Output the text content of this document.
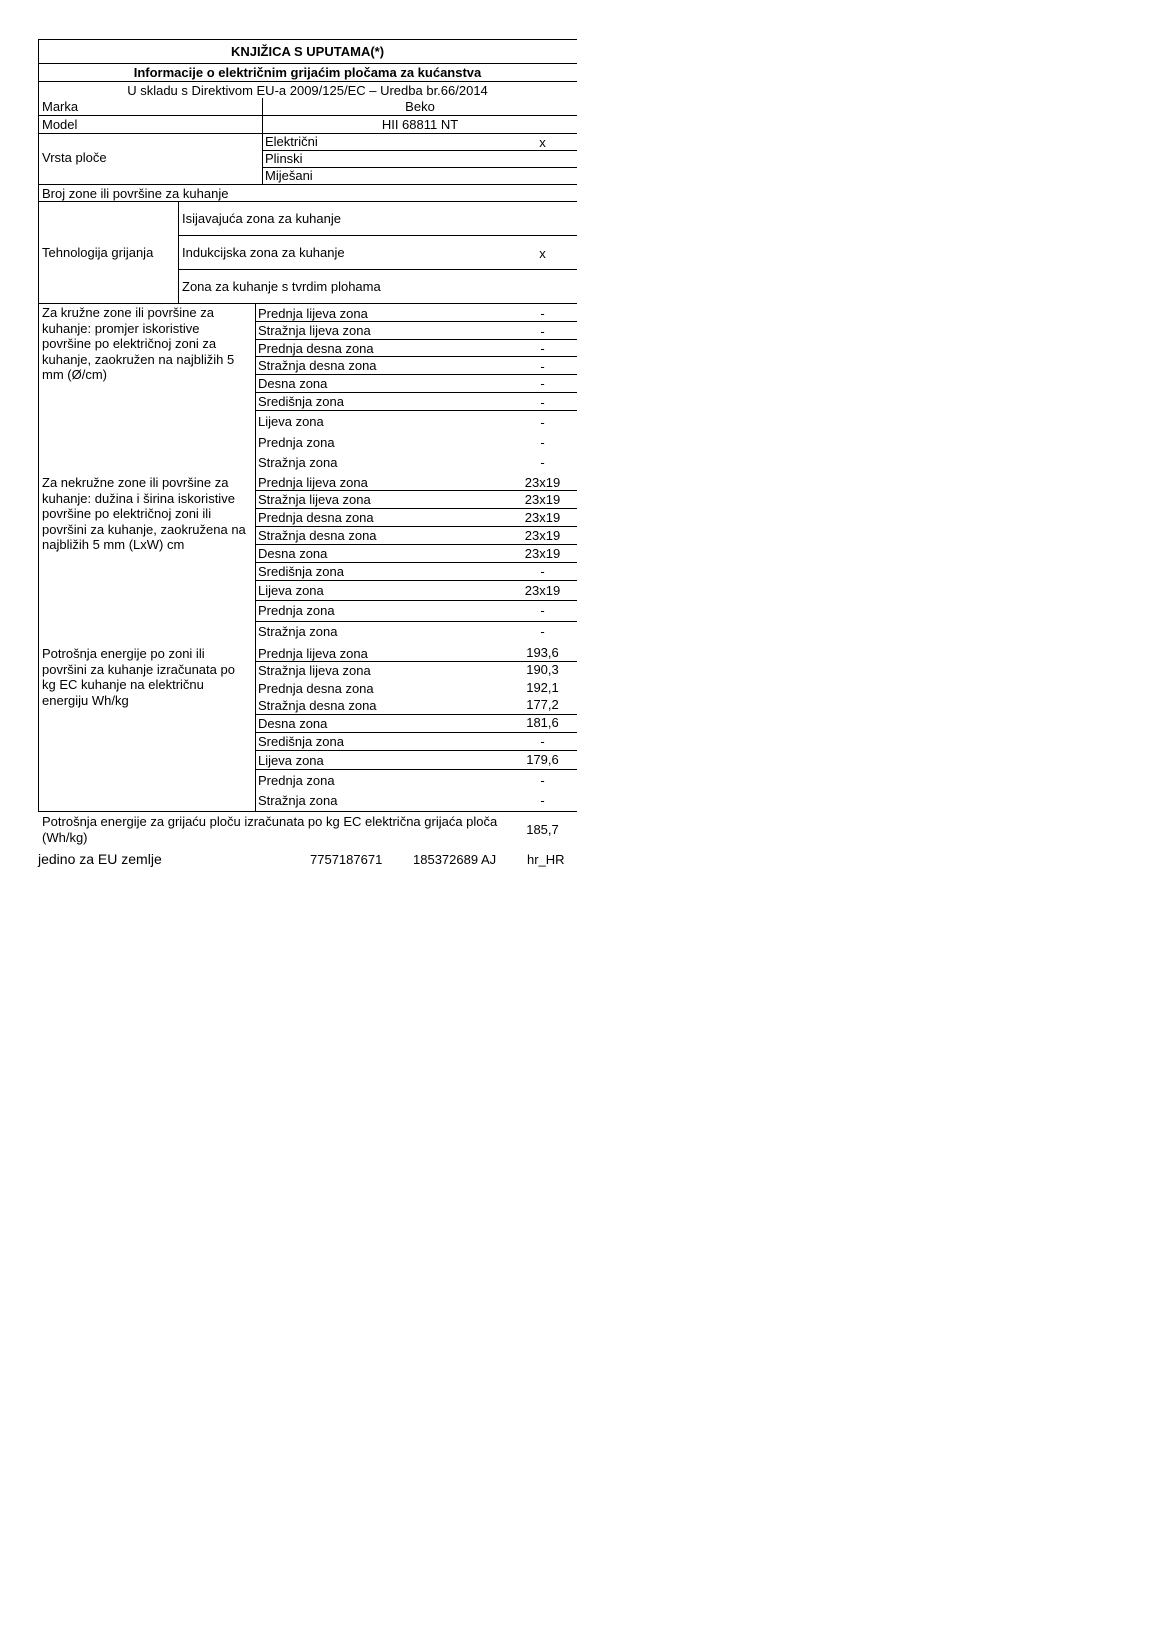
KNJIŽICA S UPUTAMA(*)
Informacije o električnim grijaćim pločama za kućanstva
U skladu s Direktivom EU-a 2009/125/EC – Uredba br.66/2014
Marka	Beko
Model	HII 68811 NT
Vrsta ploče
Električni	x
Plinski
Miješani
Broj zone ili površine za kuhanje
Tehnologija grijanja
Isijavajuća zona za kuhanje
Indukcijska zona za kuhanje	x
Zona za kuhanje s tvrdim plohama
Za kružne zone ili površine za kuhanje: promjer iskoristive površine po električnoj zoni za kuhanje, zaokružen na najbližih 5 mm (Ø/cm)
Prednja lijeva zona	-
Stražnja lijeva zona	-
Prednja desna zona	-
Stražnja desna zona	-
Desna zona	-
Središnja zona	-
Lijeva zona	-
Prednja zona	-
Stražnja zona	-
Za nekružne zone ili površine za kuhanje: dužina i širina iskoristive površine po električnoj zoni ili površini za kuhanje, zaokružena na najbližih 5 mm (LxW) cm
Prednja lijeva zona	23x19
Stražnja lijeva zona	23x19
Prednja desna zona	23x19
Stražnja desna zona	23x19
Desna zona	23x19
Središnja zona	-
Lijeva zona	23x19
Prednja zona	-
Stražnja zona	-
Potrošnja energije po zoni ili površini za kuhanje izračunata po kg EC kuhanje na električnu energiju Wh/kg
Prednja lijeva zona	193,6
Stražnja lijeva zona	190,3
Prednja desna zona	192,1
Stražnja desna zona	177,2
Desna zona	181,6
Središnja zona	-
Lijeva zona	179,6
Prednja zona	-
Stražnja zona	-
Potrošnja energije za grijaću ploču izračunata po kg EC električna grijaća ploča (Wh/kg)	185,7
jedino za EU zemlje	7757187671 185372689 AJ hr_HR
